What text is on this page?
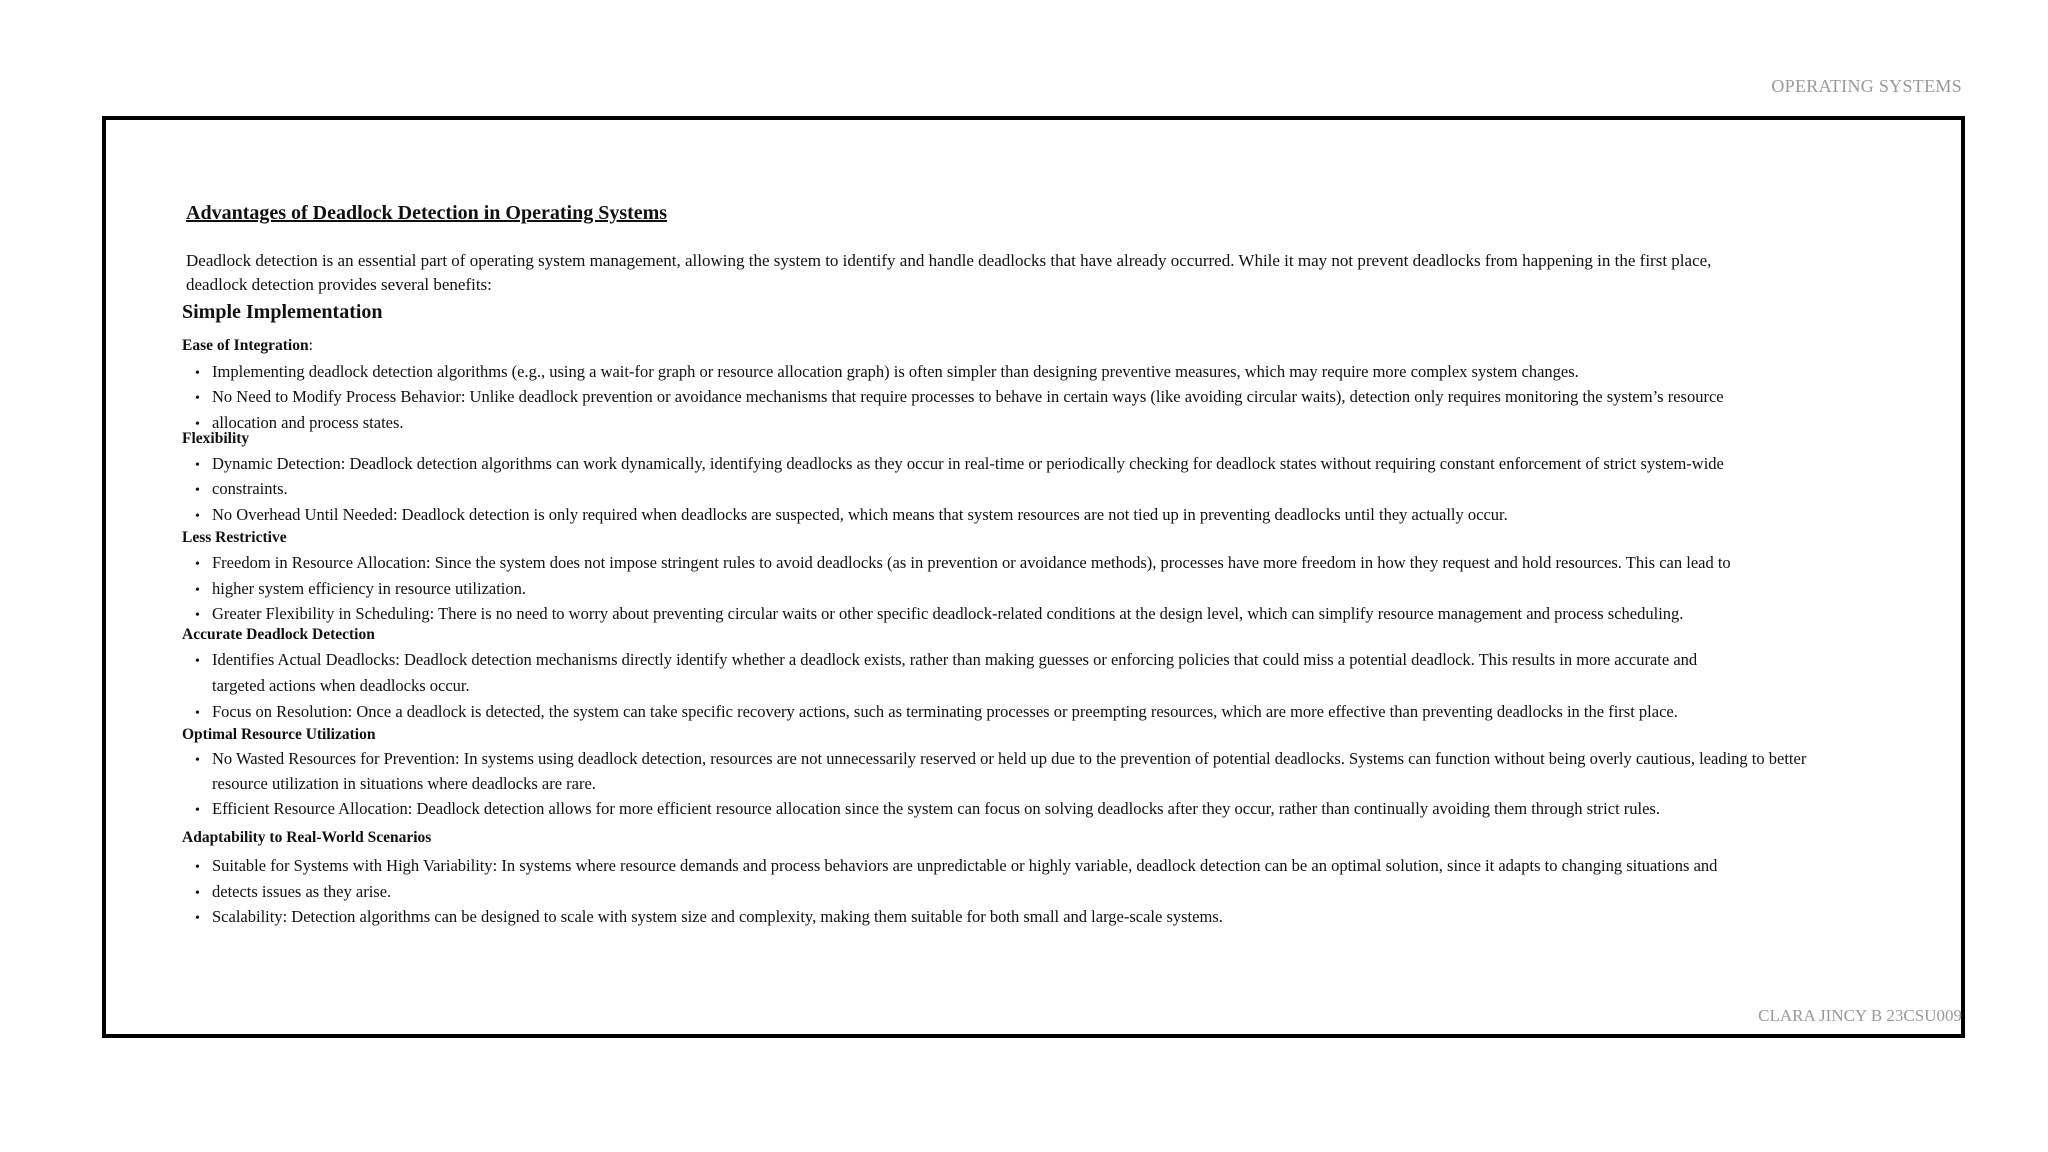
OPERATING SYSTEMS
Advantages of Deadlock Detection in Operating Systems

Deadlock detection is an essential part of operating system management, allowing the system to identify and handle deadlocks that have already occurred. While it may not prevent deadlocks from happening in the first place,
deadlock detection provides several benefits:

Simple Implementation
Ease of Integration:
• Implementing deadlock detection algorithms (e.g., using a wait-for graph or resource allocation graph) is often simpler than designing preventive measures, which may require more complex system changes.
• No Need to Modify Process Behavior: Unlike deadlock prevention or avoidance mechanisms that require processes to behave in certain ways (like avoiding circular waits), detection only requires monitoring the system’s resource
• allocation and process states.
Flexibility
• Dynamic Detection: Deadlock detection algorithms can work dynamically, identifying deadlocks as they occur in real-time or periodically checking for deadlock states without requiring constant enforcement of strict system-wide
• constraints.
• No Overhead Until Needed: Deadlock detection is only required when deadlocks are suspected, which means that system resources are not tied up in preventing deadlocks until they actually occur.
Less Restrictive
• Freedom in Resource Allocation: Since the system does not impose stringent rules to avoid deadlocks (as in prevention or avoidance methods), processes have more freedom in how they request and hold resources. This can lead to
• higher system efficiency in resource utilization.
• Greater Flexibility in Scheduling: There is no need to worry about preventing circular waits or other specific deadlock-related conditions at the design level, which can simplify resource management and process scheduling.
Accurate Deadlock Detection
• Identifies Actual Deadlocks: Deadlock detection mechanisms directly identify whether a deadlock exists, rather than making guesses or enforcing policies that could miss a potential deadlock. This results in more accurate and
targeted actions when deadlocks occur.
• Focus on Resolution: Once a deadlock is detected, the system can take specific recovery actions, such as terminating processes or preempting resources, which are more effective than preventing deadlocks in the first place.
Optimal Resource Utilization
• No Wasted Resources for Prevention: In systems using deadlock detection, resources are not unnecessarily reserved or held up due to the prevention of potential deadlocks. Systems can function without being overly cautious, leading to better
resource utilization in situations where deadlocks are rare.
• Efficient Resource Allocation: Deadlock detection allows for more efficient resource allocation since the system can focus on solving deadlocks after they occur, rather than continually avoiding them through strict rules.
Adaptability to Real-World Scenarios
• Suitable for Systems with High Variability: In systems where resource demands and process behaviors are unpredictable or highly variable, deadlock detection can be an optimal solution, since it adapts to changing situations and
• detects issues as they arise.
• Scalability: Detection algorithms can be designed to scale with system size and complexity, making them suitable for both small and large-scale systems.
CLARA JINCY B 23CSU009
